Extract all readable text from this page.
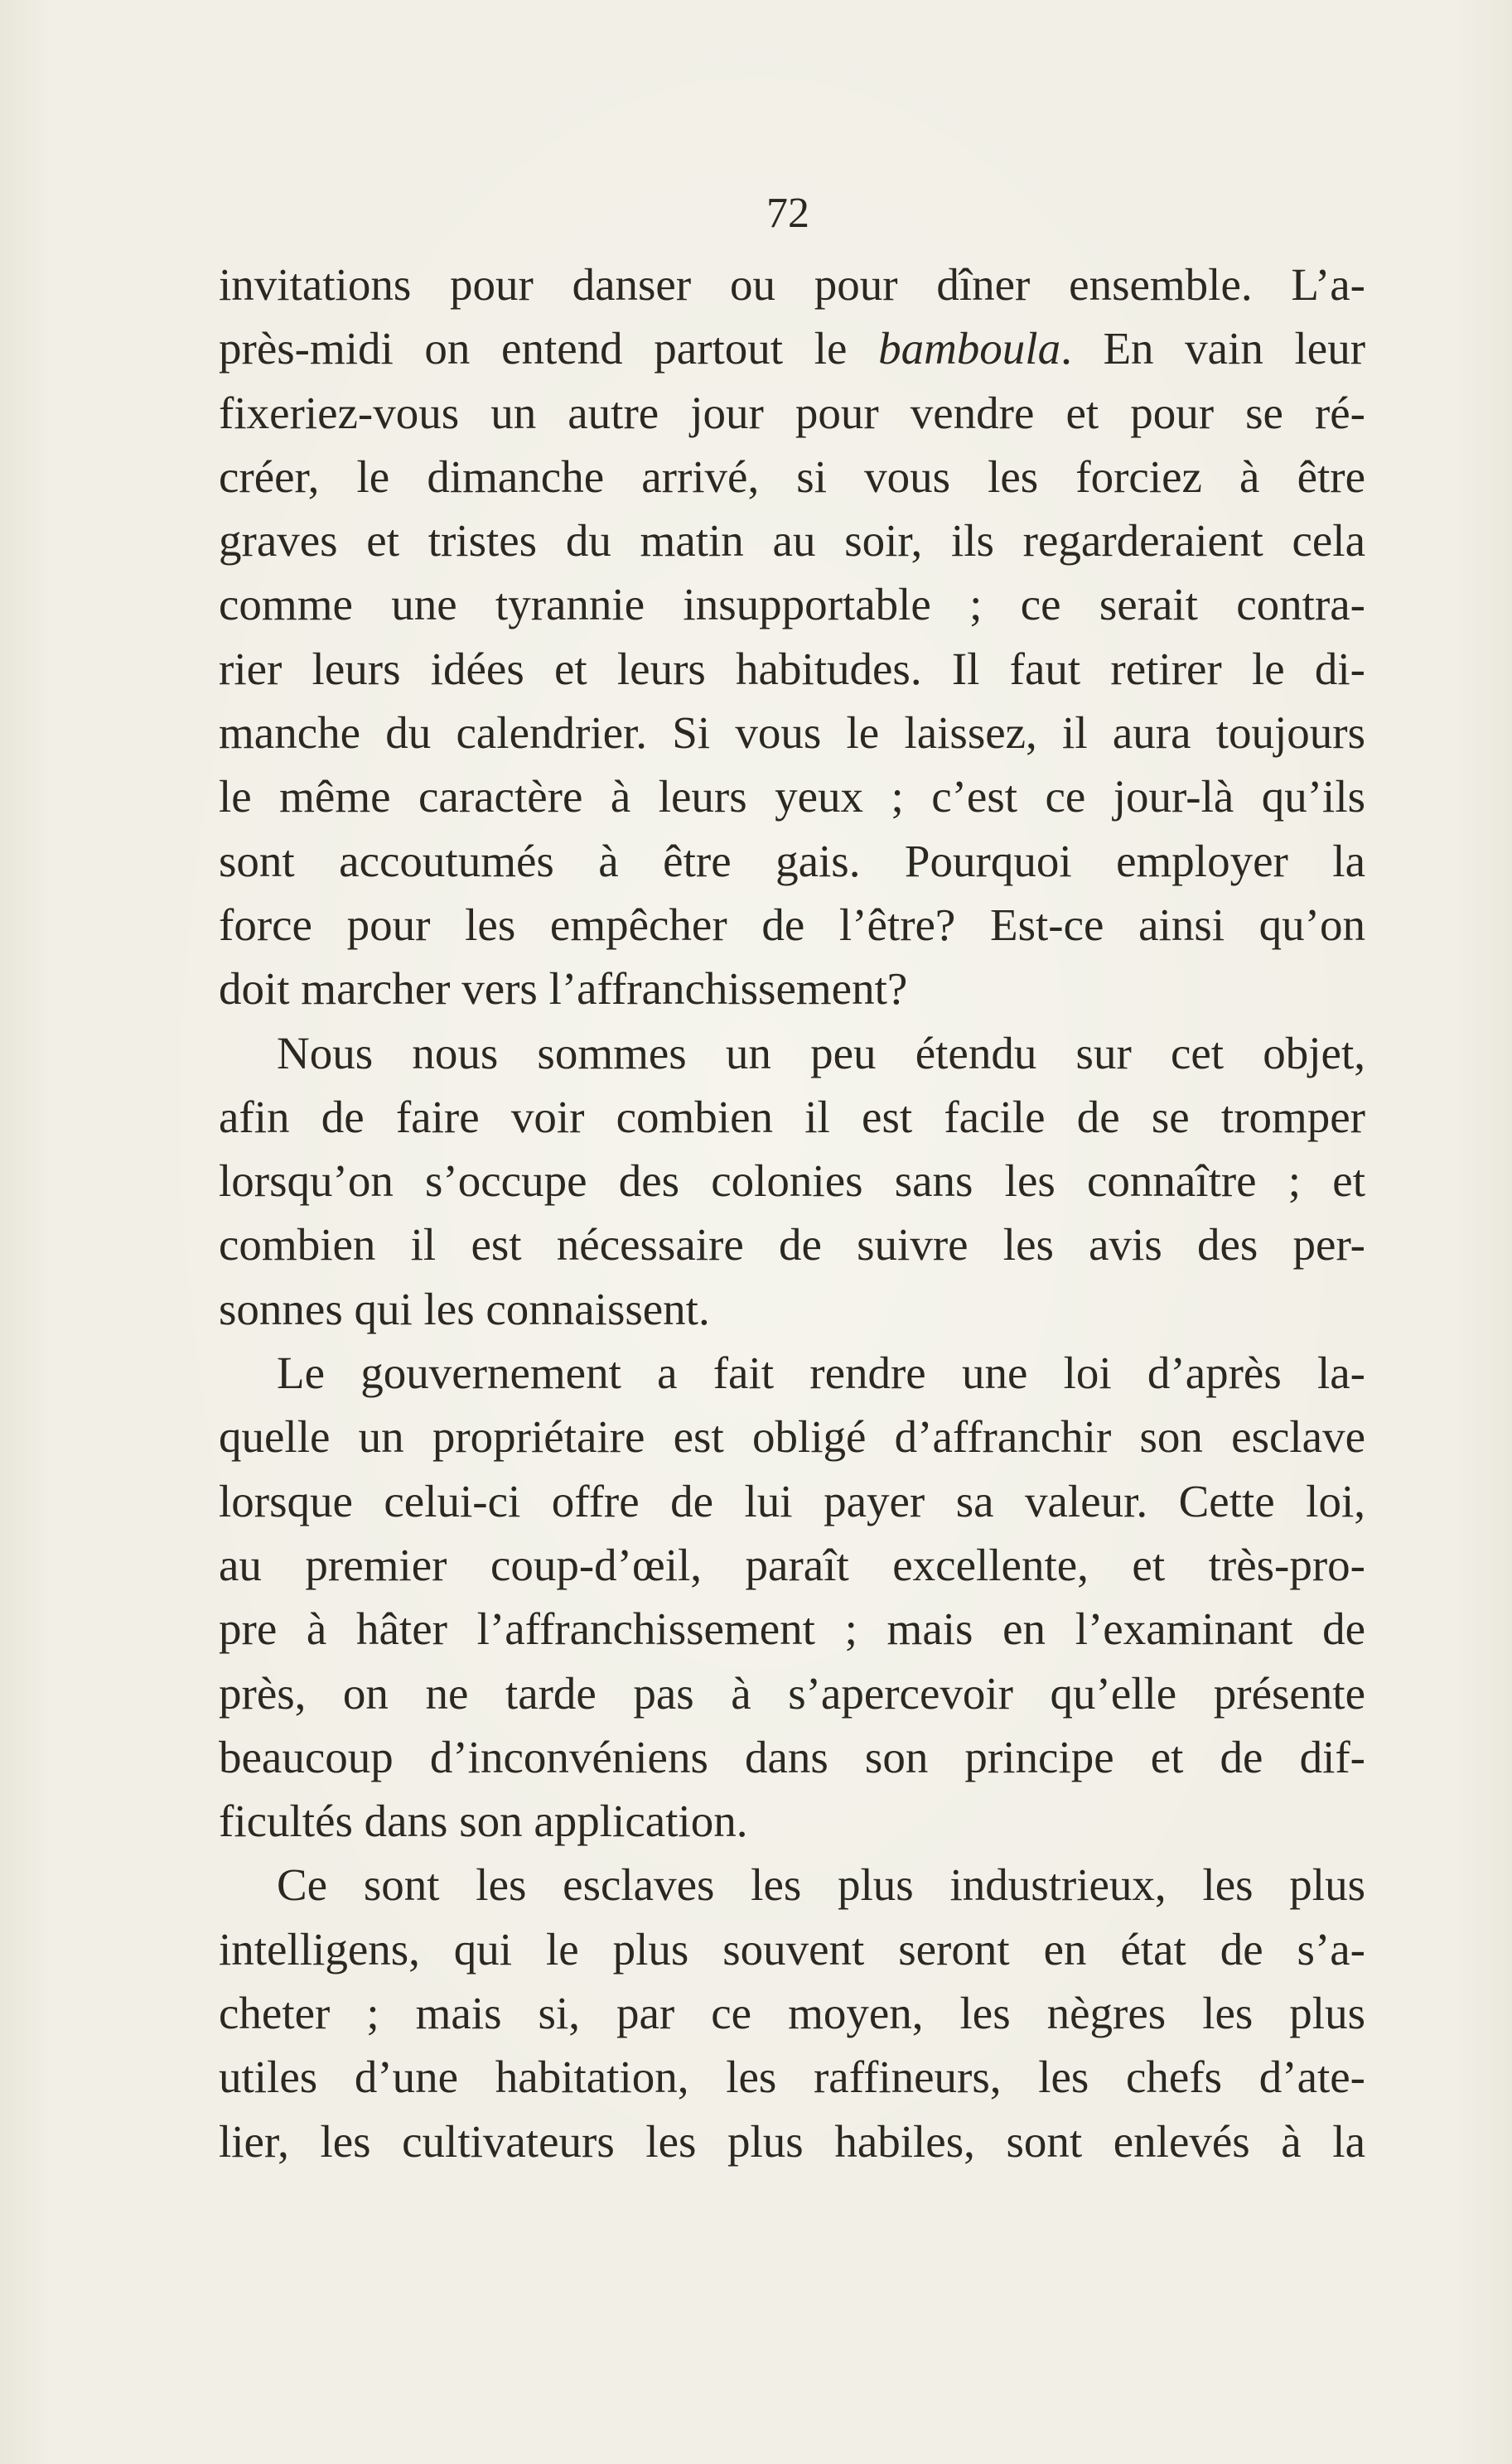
72
invitations pour danser ou pour dîner ensemble. L’a-
près-midi on entend partout le bamboula. En vain leur
fixeriez-vous un autre jour pour vendre et pour se ré-
créer, le dimanche arrivé, si vous les forciez à être
graves et tristes du matin au soir, ils regarderaient cela
comme une tyrannie insupportable ; ce serait contra-
rier leurs idées et leurs habitudes. Il faut retirer le di-
manche du calendrier. Si vous le laissez, il aura toujours
le même caractère à leurs yeux ; c’est ce jour-là qu’ils
sont accoutumés à être gais. Pourquoi employer la
force pour les empêcher de l’être? Est-ce ainsi qu’on
doit marcher vers l’affranchissement?
Nous nous sommes un peu étendu sur cet objet,
afin de faire voir combien il est facile de se tromper
lorsqu’on s’occupe des colonies sans les connaître ; et
combien il est nécessaire de suivre les avis des per-
sonnes qui les connaissent.
Le gouvernement a fait rendre une loi d’après la-
quelle un propriétaire est obligé d’affranchir son esclave
lorsque celui-ci offre de lui payer sa valeur. Cette loi,
au premier coup-d’œil, paraît excellente, et très-pro-
pre à hâter l’affranchissement ; mais en l’examinant de
près, on ne tarde pas à s’apercevoir qu’elle présente
beaucoup d’inconvéniens dans son principe et de dif-
ficultés dans son application.
Ce sont les esclaves les plus industrieux, les plus
intelligens, qui le plus souvent seront en état de s’a-
cheter ; mais si, par ce moyen, les nègres les plus
utiles d’une habitation, les raffineurs, les chefs d’ate-
lier, les cultivateurs les plus habiles, sont enlevés à la
